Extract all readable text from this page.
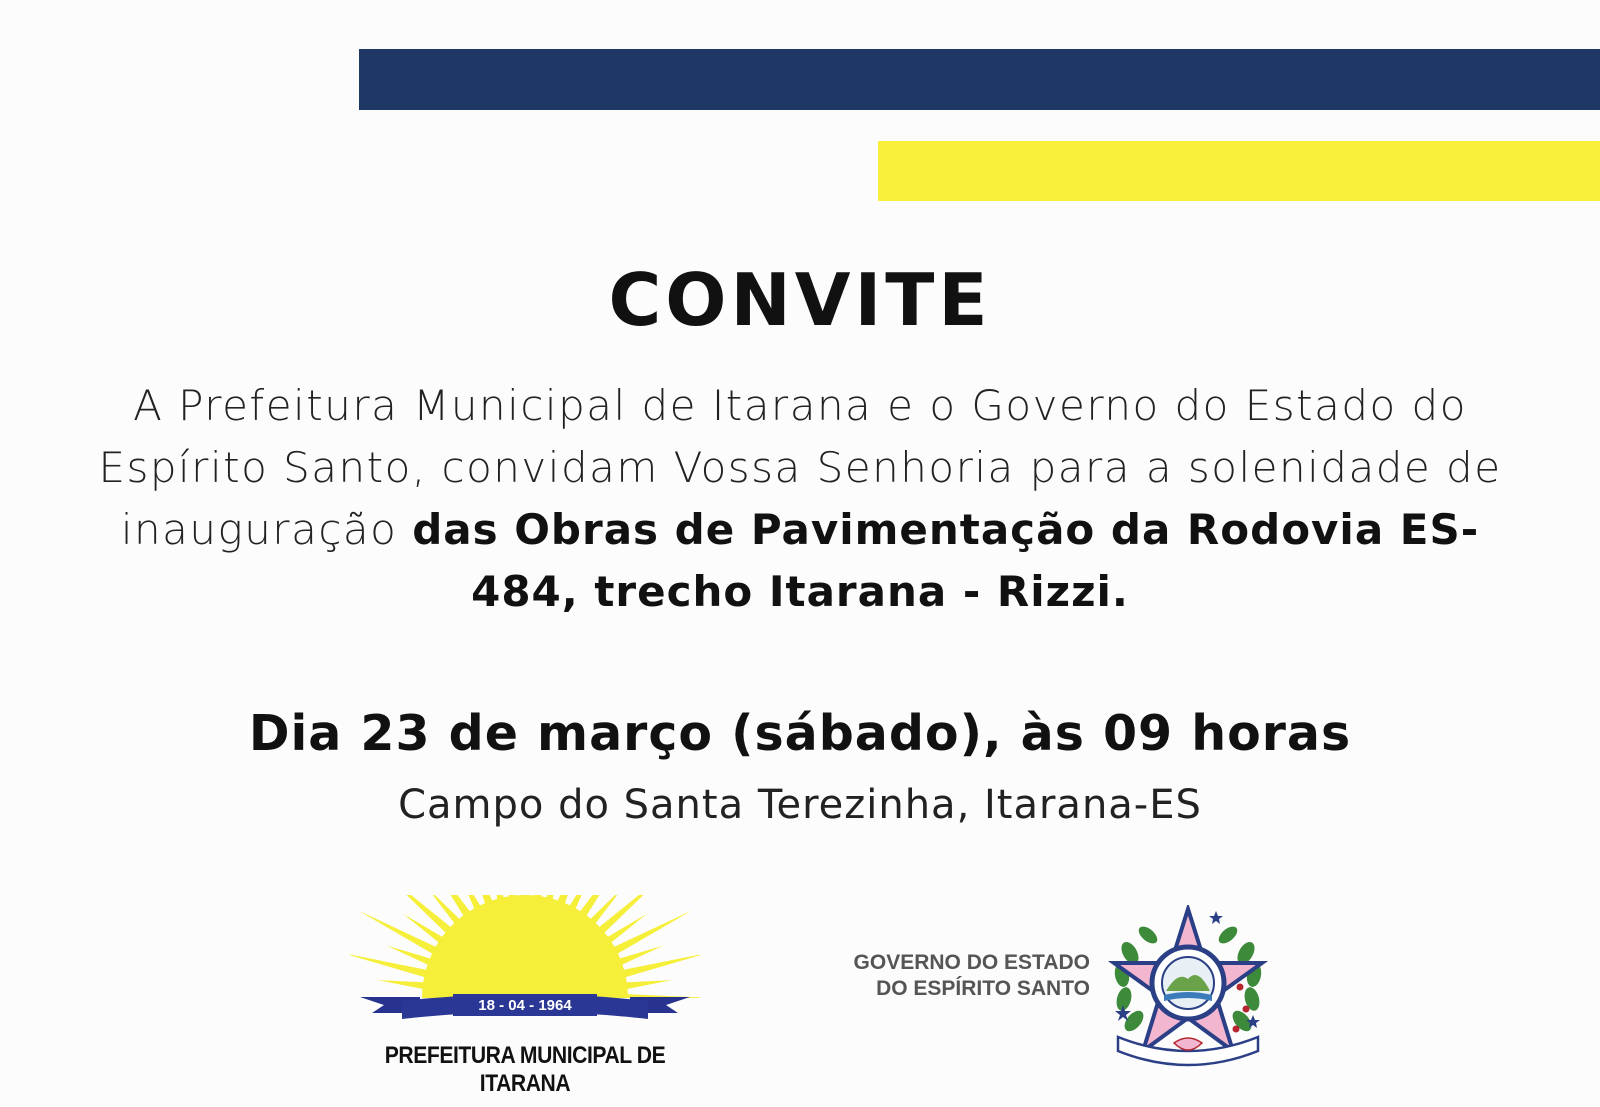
CONVITE
A Prefeitura Municipal de Itarana e o Governo do Estado do Espírito Santo, convidam Vossa Senhoria para a solenidade de inauguração das Obras de Pavimentação da Rodovia ES-484, trecho Itarana - Rizzi.
Dia 23 de março (sábado), às 09 horas
Campo do Santa Terezinha, Itarana-ES
18 - 04 - 1964
PREFEITURA MUNICIPAL DE ITARANA
GOVERNO DO ESTADO
DO ESPÍRITO SANTO
